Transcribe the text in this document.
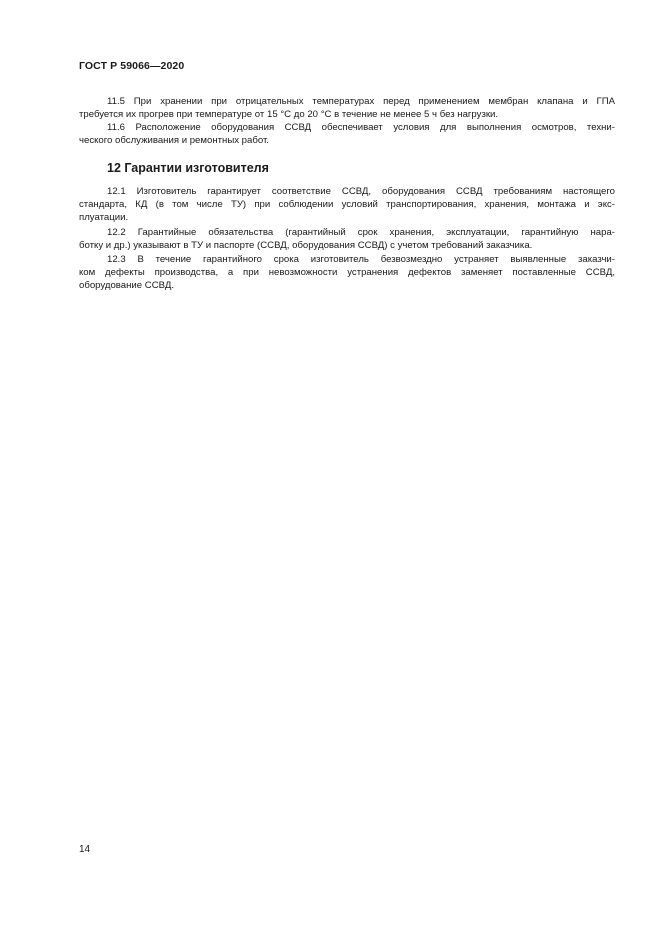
ГОСТ Р 59066—2020
11.5 При хранении при отрицательных температурах перед применением мембран клапана и ГПА
требуется их прогрев при температуре от 15 °С до 20 °С в течение не менее 5 ч без нагрузки.
11.6 Расположение оборудования ССВД обеспечивает условия для выполнения осмотров, техни-
ческого обслуживания и ремонтных работ.
12 Гарантии изготовителя
12.1 Изготовитель гарантирует соответствие ССВД, оборудования ССВД требованиям настоящего
стандарта, КД (в том числе ТУ) при соблюдении условий транспортирования, хранения, монтажа и экс-
плуатации.
12.2 Гарантийные обязательства (гарантийный срок хранения, эксплуатации, гарантийную нара-
ботку и др.) указывают в ТУ и паспорте (ССВД, оборудования ССВД) с учетом требований заказчика.
12.3 В течение гарантийного срока изготовитель безвозмездно устраняет выявленные заказчи-
ком дефекты производства, а при невозможности устранения дефектов заменяет поставленные ССВД,
оборудование ССВД.
14
